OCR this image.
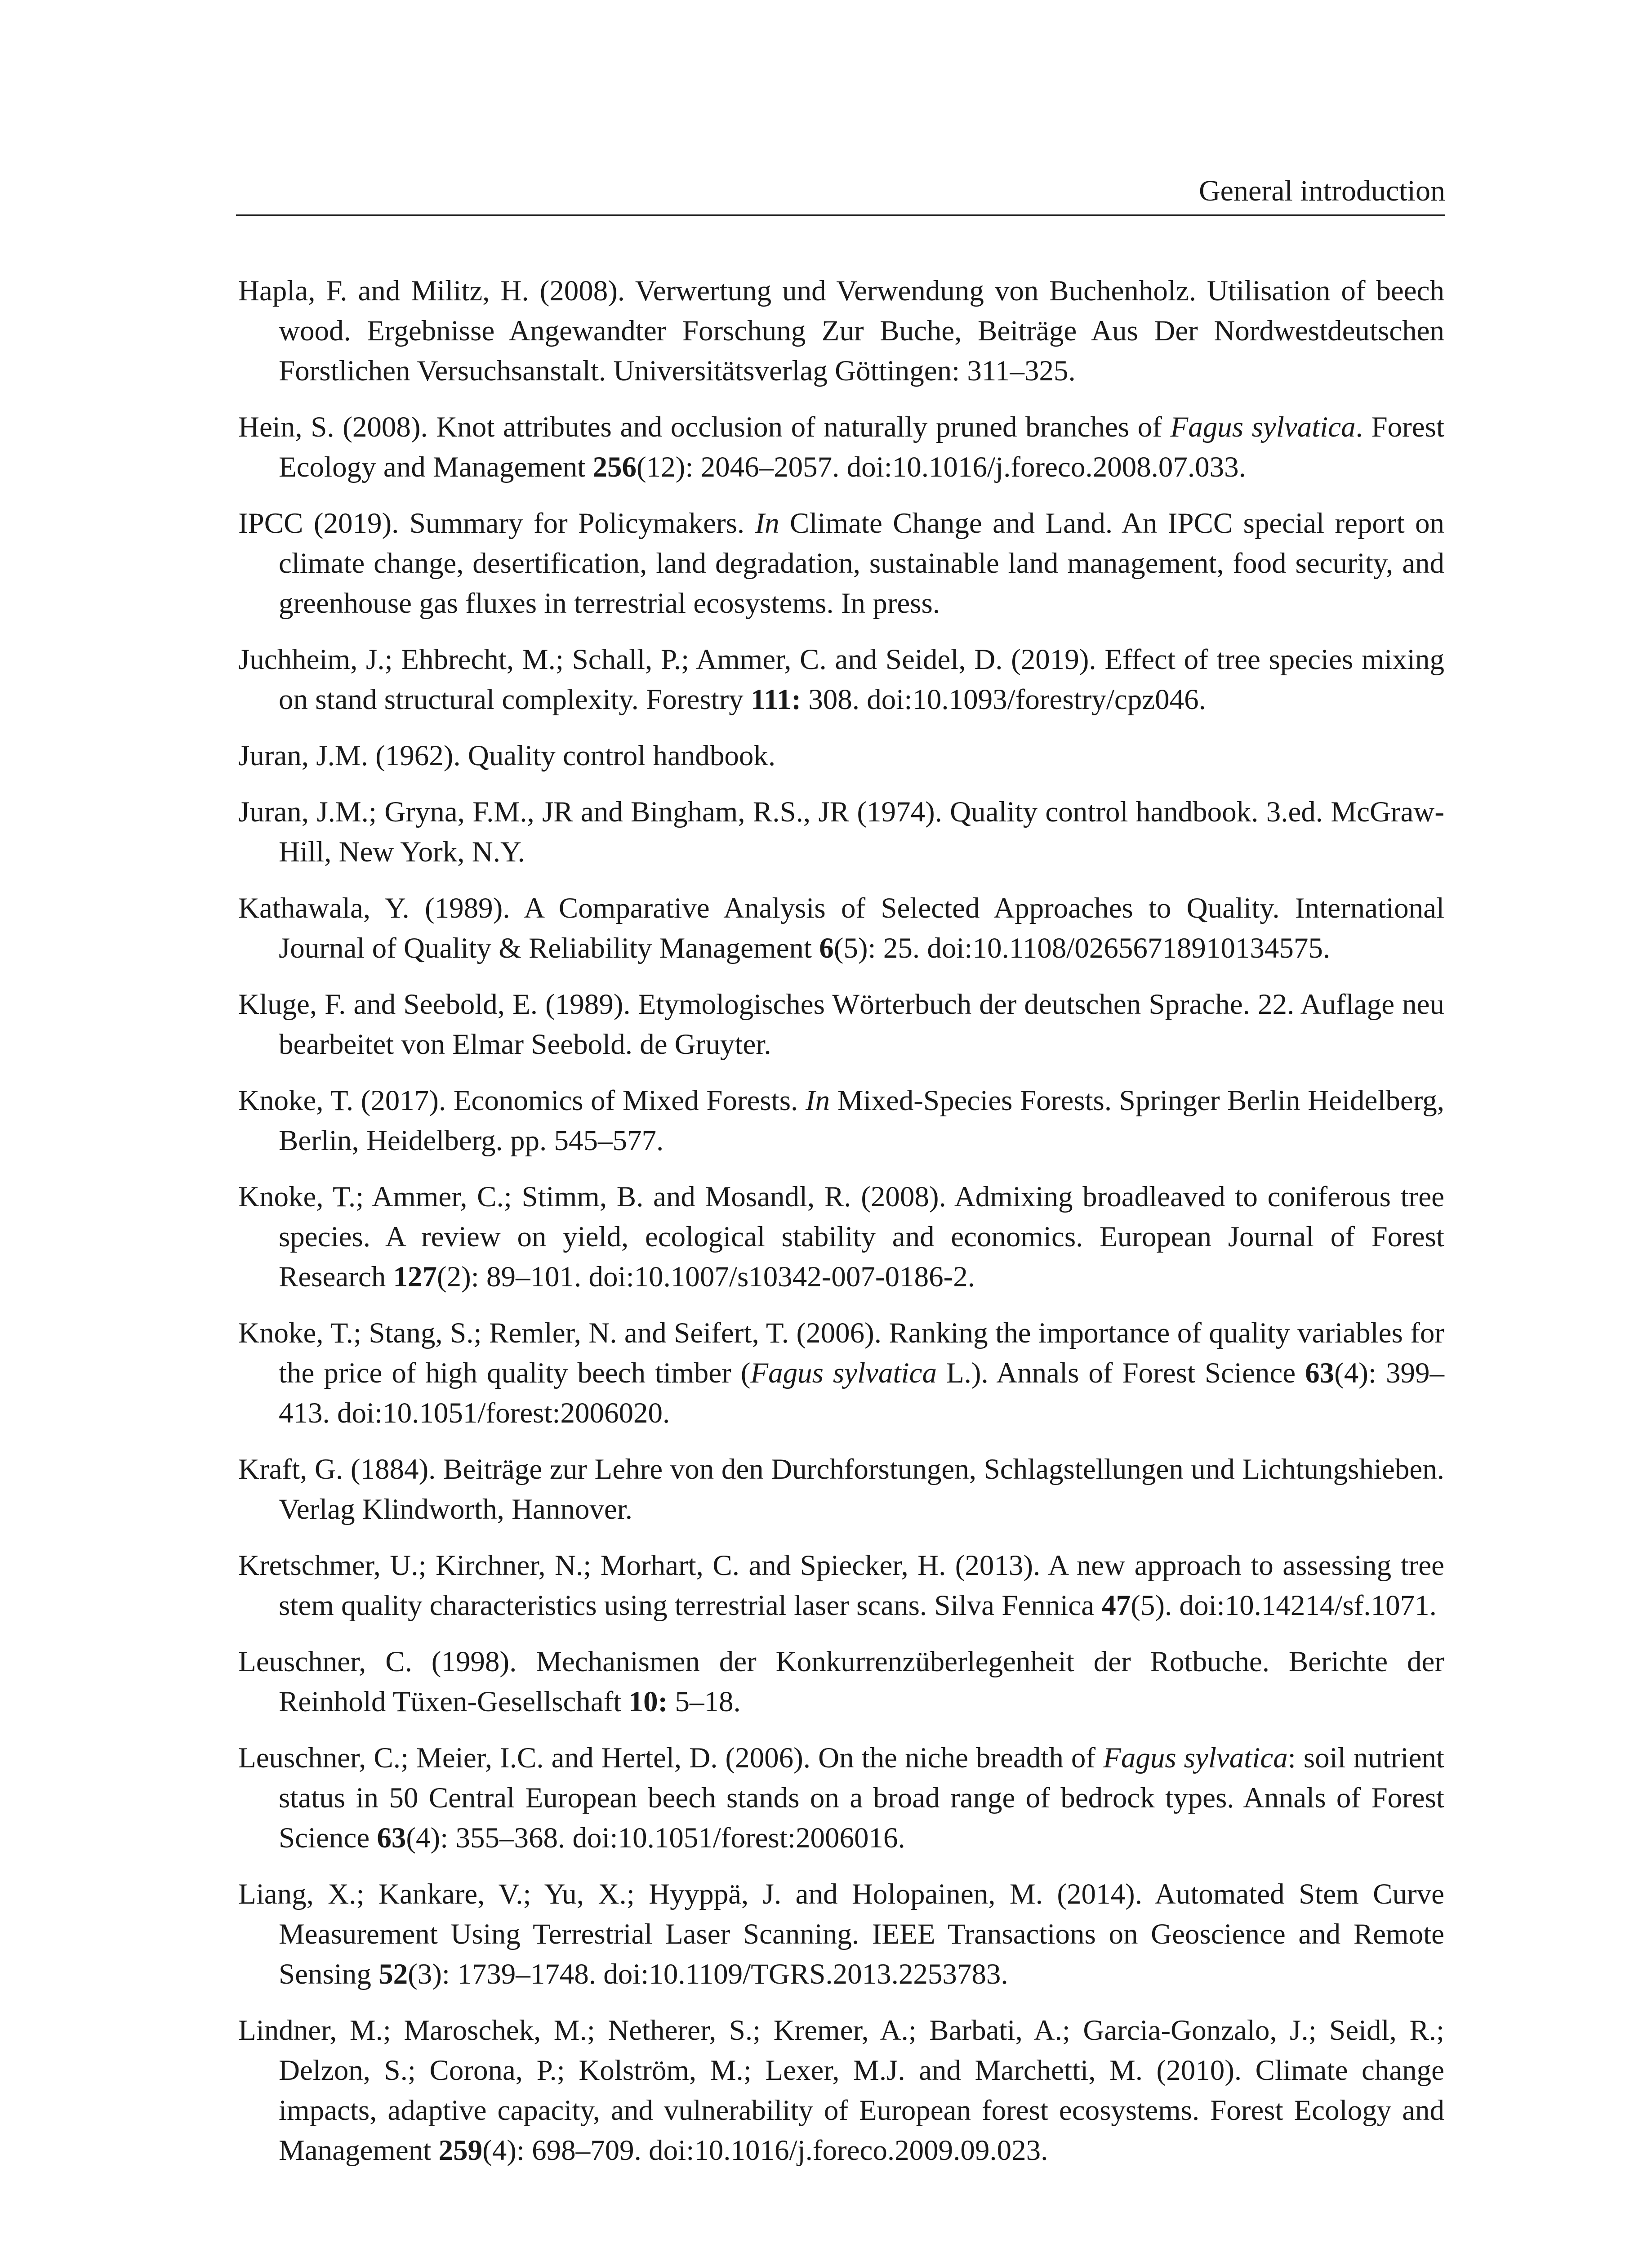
General introduction

Hapla, F. and Militz, H. (2008). Verwertung und Verwendung von Buchenholz. Utilisation of beech wood. Ergebnisse Angewandter Forschung Zur Buche, Beiträge Aus Der Nordwestdeutschen Forstlichen Versuchsanstalt. Universitätsverlag Göttingen: 311–325.

Hein, S. (2008). Knot attributes and occlusion of naturally pruned branches of Fagus sylvatica. Forest Ecology and Management 256(12): 2046–2057. doi:10.1016/j.foreco.2008.07.033.

IPCC (2019). Summary for Policymakers. In Climate Change and Land. An IPCC special report on climate change, desertification, land degradation, sustainable land management, food security, and greenhouse gas fluxes in terrestrial ecosystems. In press.

Juchheim, J.; Ehbrecht, M.; Schall, P.; Ammer, C. and Seidel, D. (2019). Effect of tree species mixing on stand structural complexity. Forestry 111: 308. doi:10.1093/forestry/cpz046.

Juran, J.M. (1962). Quality control handbook.

Juran, J.M.; Gryna, F.M., JR and Bingham, R.S., JR (1974). Quality control handbook. 3.ed. McGraw-Hill, New York, N.Y.

Kathawala, Y. (1989). A Comparative Analysis of Selected Approaches to Quality. International Journal of Quality & Reliability Management 6(5): 25. doi:10.1108/02656718910134575.

Kluge, F. and Seebold, E. (1989). Etymologisches Wörterbuch der deutschen Sprache. 22. Auflage neu bearbeitet von Elmar Seebold. de Gruyter.

Knoke, T. (2017). Economics of Mixed Forests. In Mixed-Species Forests. Springer Berlin Heidelberg, Berlin, Heidelberg. pp. 545–577.

Knoke, T.; Ammer, C.; Stimm, B. and Mosandl, R. (2008). Admixing broadleaved to coniferous tree species. A review on yield, ecological stability and economics. European Journal of Forest Research 127(2): 89–101. doi:10.1007/s10342-007-0186-2.

Knoke, T.; Stang, S.; Remler, N. and Seifert, T. (2006). Ranking the importance of quality variables for the price of high quality beech timber (Fagus sylvatica L.). Annals of Forest Science 63(4): 399–413. doi:10.1051/forest:2006020.

Kraft, G. (1884). Beiträge zur Lehre von den Durchforstungen, Schlagstellungen und Lichtungshieben. Verlag Klindworth, Hannover.

Kretschmer, U.; Kirchner, N.; Morhart, C. and Spiecker, H. (2013). A new approach to assessing tree stem quality characteristics using terrestrial laser scans. Silva Fennica 47(5). doi:10.14214/sf.1071.

Leuschner, C. (1998). Mechanismen der Konkurrenzüberlegenheit der Rotbuche. Berichte der Reinhold Tüxen-Gesellschaft 10: 5–18.

Leuschner, C.; Meier, I.C. and Hertel, D. (2006). On the niche breadth of Fagus sylvatica: soil nutrient status in 50 Central European beech stands on a broad range of bedrock types. Annals of Forest Science 63(4): 355–368. doi:10.1051/forest:2006016.

Liang, X.; Kankare, V.; Yu, X.; Hyyppä, J. and Holopainen, M. (2014). Automated Stem Curve Measurement Using Terrestrial Laser Scanning. IEEE Transactions on Geoscience and Remote Sensing 52(3): 1739–1748. doi:10.1109/TGRS.2013.2253783.

Lindner, M.; Maroschek, M.; Netherer, S.; Kremer, A.; Barbati, A.; Garcia-Gonzalo, J.; Seidl, R.; Delzon, S.; Corona, P.; Kolström, M.; Lexer, M.J. and Marchetti, M. (2010). Climate change impacts, adaptive capacity, and vulnerability of European forest ecosystems. Forest Ecology and Management 259(4): 698–709. doi:10.1016/j.foreco.2009.09.023.
